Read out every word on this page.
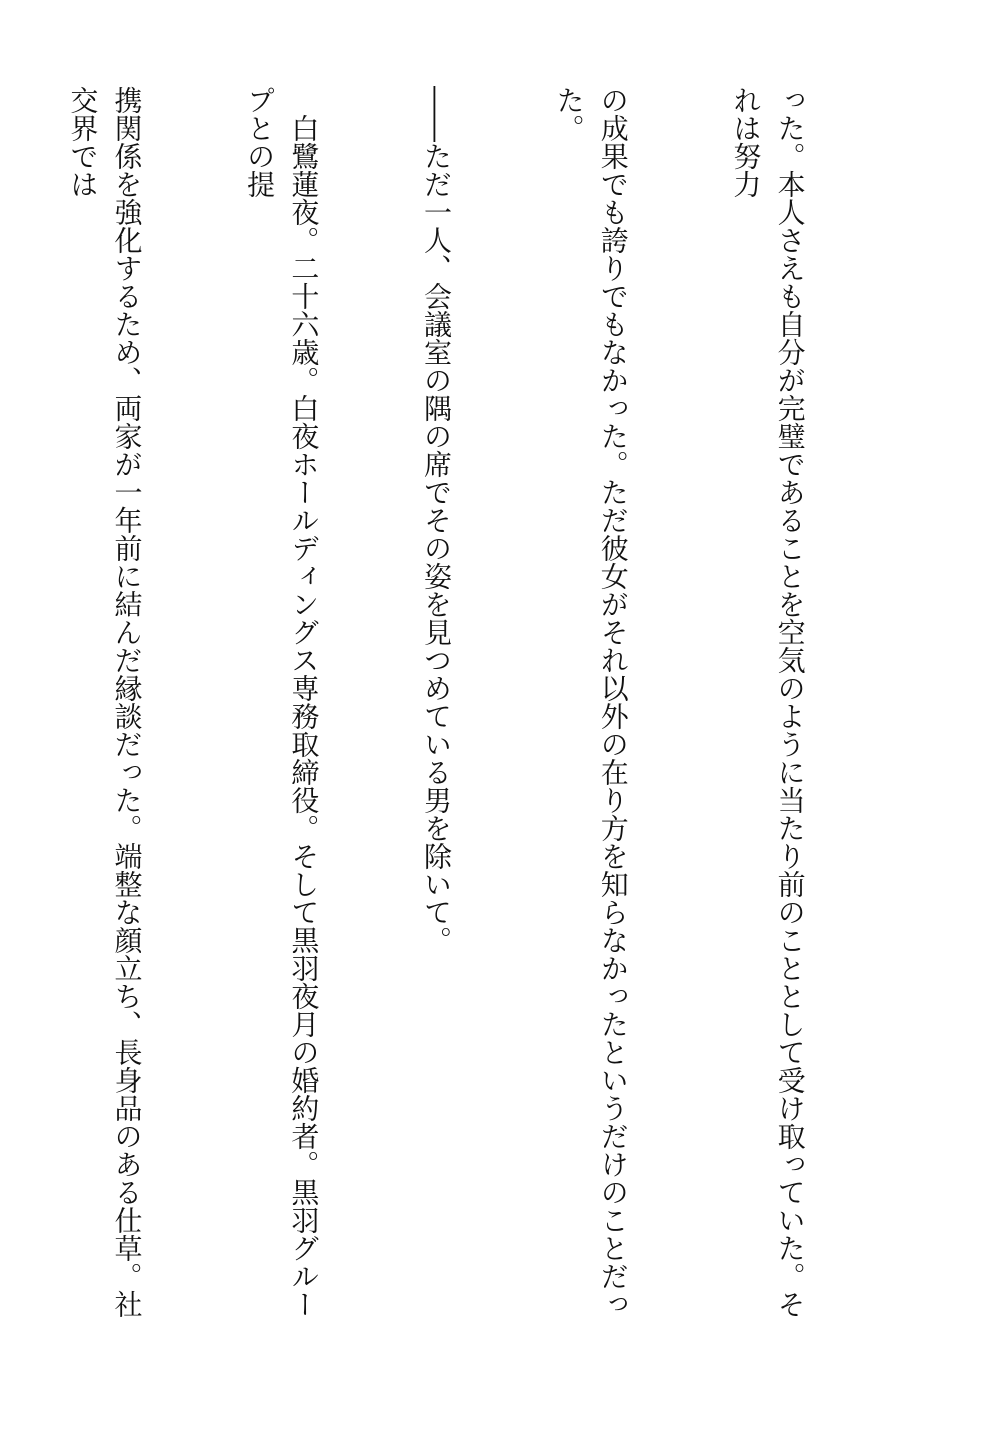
った。本人さえも自分が完璧であることを空気のように当たり前のこととして受け取っていた。それは努力

の成果でも誇りでもなかった。ただ彼女がそれ以外の在り方を知らなかったというだけのことだった。

――ただ一人、会議室の隅の席でその姿を見つめている男を除いて。

　白鷺蓮夜。二十六歳。白夜ホールディングス専務取締役。そして黒羽夜月の婚約者。黒羽グループとの提

携関係を強化するため、両家が一年前に結んだ縁談だった。端整な顔立ち、長身品のある仕草。社交界では
